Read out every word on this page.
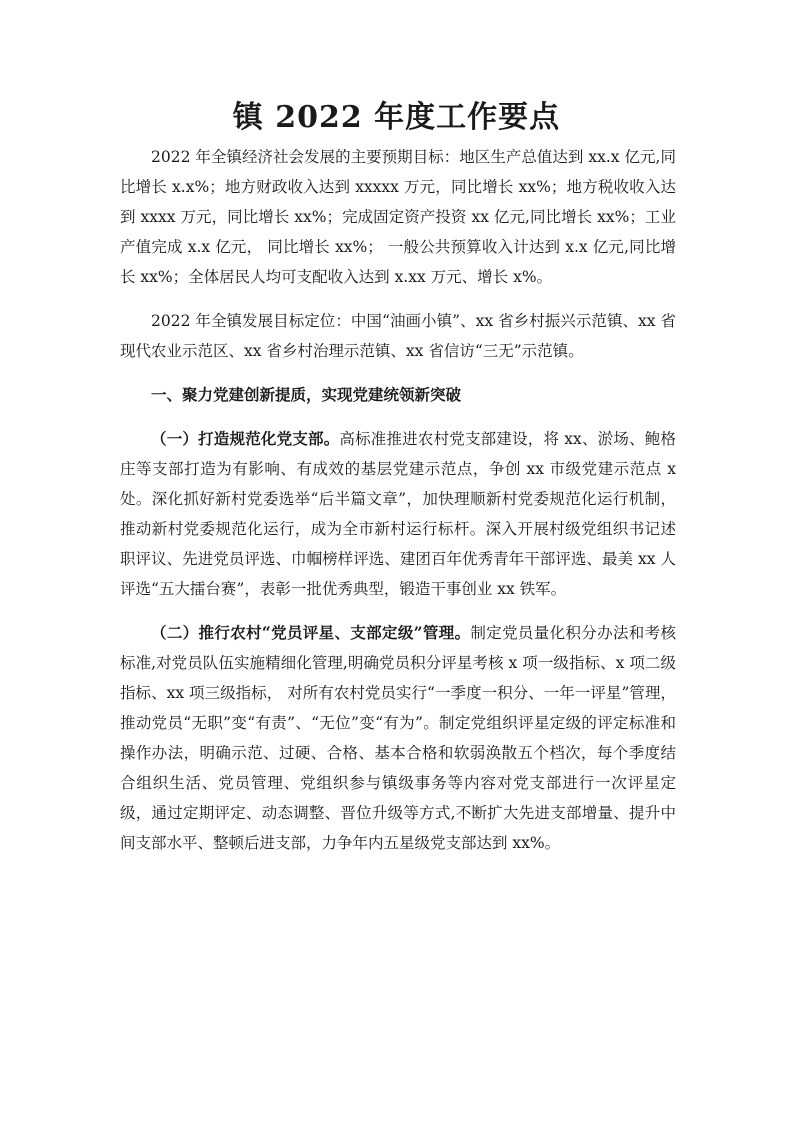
镇 2022 年度工作要点

2022 年全镇经济社会发展的主要预期目标：地区生产总值达到 xx.x 亿元,同比增长 x.x%；地方财政收入达到 xxxxx 万元，同比增长 xx%；地方税收收入达到 xxxx 万元，同比增长 xx%；完成固定资产投资 xx 亿元,同比增长 xx%；工业产值完成 x.x 亿元， 同比增长 xx%； 一般公共预算收入计达到 x.x 亿元,同比增长 xx%；全体居民人均可支配收入达到 x.xx 万元、增长 x%。

2022 年全镇发展目标定位：中国“油画小镇”、xx 省乡村振兴示范镇、xx 省现代农业示范区、xx 省乡村治理示范镇、xx 省信访“三无”示范镇。

一、聚力党建创新提质，实现党建统领新突破

（一）打造规范化党支部。高标准推进农村党支部建设，将 xx、淤场、鲍格庄等支部打造为有影响、有成效的基层党建示范点，争创 xx 市级党建示范点 x 处。深化抓好新村党委选举“后半篇文章”，加快理顺新村党委规范化运行机制，推动新村党委规范化运行，成为全市新村运行标杆。深入开展村级党组织书记述职评议、先进党员评选、巾帼榜样评选、建团百年优秀青年干部评选、最美 xx 人评选“五大擂台赛”，表彰一批优秀典型，锻造干事创业 xx 铁军。

（二）推行农村“党员评星、支部定级”管理。制定党员量化积分办法和考核标准,对党员队伍实施精细化管理,明确党员积分评星考核 x 项一级指标、x 项二级指标、xx 项三级指标， 对所有农村党员实行“一季度一积分、一年一评星”管理，推动党员“无职”变“有责”、“无位”变“有为”。制定党组织评星定级的评定标准和操作办法，明确示范、过硬、合格、基本合格和软弱涣散五个档次，每个季度结合组织生活、党员管理、党组织参与镇级事务等内容对党支部进行一次评星定级，通过定期评定、动态调整、晋位升级等方式,不断扩大先进支部增量、提升中间支部水平、整顿后进支部，力争年内五星级党支部达到 xx%。
